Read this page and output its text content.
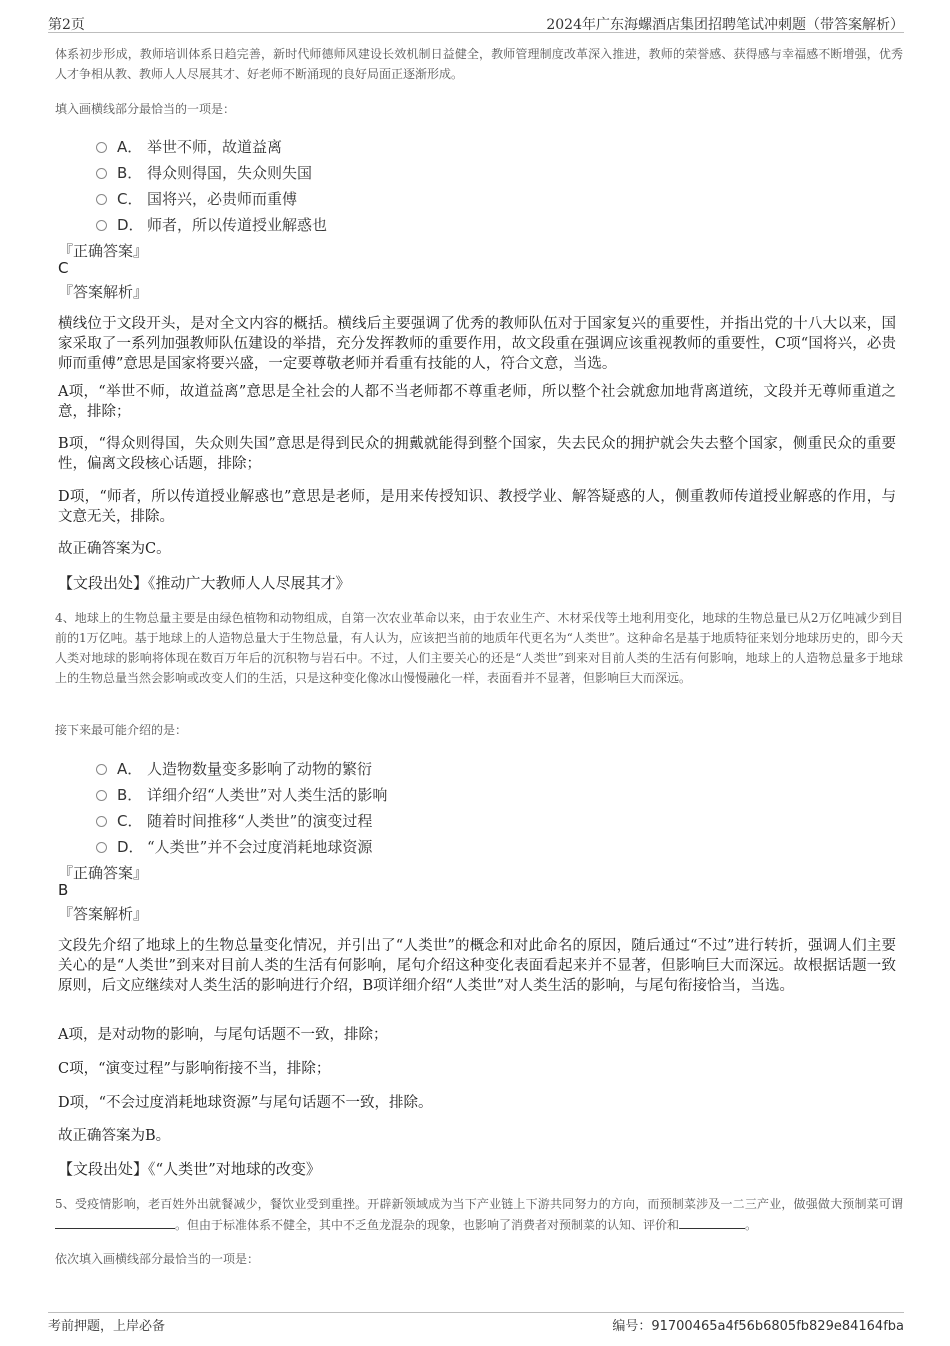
第2页	2024年广东海螺酒店集团招聘笔试冲刺题（带答案解析）

体系初步形成，教师培训体系日趋完善，新时代师德师风建设长效机制日益健全，教师管理制度改革深入推进，教师的荣誉感、获得感与幸福感不断增强，优秀人才争相从教、教师人人尽展其才、好老师不断涌现的良好局面正逐渐形成。

填入画横线部分最恰当的一项是：

A． 举世不师，故道益离
B． 得众则得国，失众则失国
C． 国将兴，必贵师而重傅
D． 师者，所以传道授业解惑也
『正确答案』
C
『答案解析』

横线位于文段开头，是对全文内容的概括。横线后主要强调了优秀的教师队伍对于国家复兴的重要性，并指出党的十八大以来，国家采取了一系列加强教师队伍建设的举措，充分发挥教师的重要作用，故文段重在强调应该重视教师的重要性，C项“国将兴，必贵师而重傅”意思是国家将要兴盛，一定要尊敬老师并看重有技能的人，符合文意，当选。

A项，“举世不师，故道益离”意思是全社会的人都不当老师都不尊重老师，所以整个社会就愈加地背离道统，文段并无尊师重道之意，排除；

B项，“得众则得国，失众则失国”意思是得到民众的拥戴就能得到整个国家，失去民众的拥护就会失去整个国家，侧重民众的重要性，偏离文段核心话题，排除；

D项，“师者，所以传道授业解惑也”意思是老师，是用来传授知识、教授学业、解答疑惑的人，侧重教师传道授业解惑的作用，与文意无关，排除。

故正确答案为C。

【文段出处】《推动广大教师人人尽展其才》

4、地球上的生物总量主要是由绿色植物和动物组成，自第一次农业革命以来，由于农业生产、木材采伐等土地利用变化，地球的生物总量已从2万亿吨减少到目前的1万亿吨。基于地球上的人造物总量大于生物总量，有人认为，应该把当前的地质年代更名为“人类世”。这种命名是基于地质特征来划分地球历史的，即今天人类对地球的影响将体现在数百万年后的沉积物与岩石中。不过，人们主要关心的还是“人类世”到来对目前人类的生活有何影响，地球上的人造物总量多于地球上的生物总量当然会影响或改变人们的生活，只是这种变化像冰山慢慢融化一样，表面看并不显著，但影响巨大而深远。

接下来最可能介绍的是：

A． 人造物数量变多影响了动物的繁衍
B． 详细介绍“人类世”对人类生活的影响
C． 随着时间推移“人类世”的演变过程
D． “人类世”并不会过度消耗地球资源
『正确答案』
B
『答案解析』

文段先介绍了地球上的生物总量变化情况，并引出了“人类世”的概念和对此命名的原因，随后通过“不过”进行转折，强调人们主要关心的是“人类世”到来对目前人类的生活有何影响，尾句介绍这种变化表面看起来并不显著，但影响巨大而深远。故根据话题一致原则，后文应继续对人类生活的影响进行介绍，B项详细介绍“人类世”对人类生活的影响，与尾句衔接恰当，当选。

A项，是对动物的影响，与尾句话题不一致，排除；

C项，“演变过程”与影响衔接不当，排除；

D项，“不会过度消耗地球资源”与尾句话题不一致，排除。

故正确答案为B。

【文段出处】《“人类世”对地球的改变》

5、受疫情影响，老百姓外出就餐减少，餐饮业受到重挫。开辟新领域成为当下产业链上下游共同努力的方向，而预制菜涉及一二三产业，做强做大预制菜可谓。但由于标准体系不健全，其中不乏鱼龙混杂的现象，也影响了消费者对预制菜的认知、评价和	。

依次填入画横线部分最恰当的一项是：

考前押题，上岸必备	编号：91700465a4f56b6805fb829e84164fba
